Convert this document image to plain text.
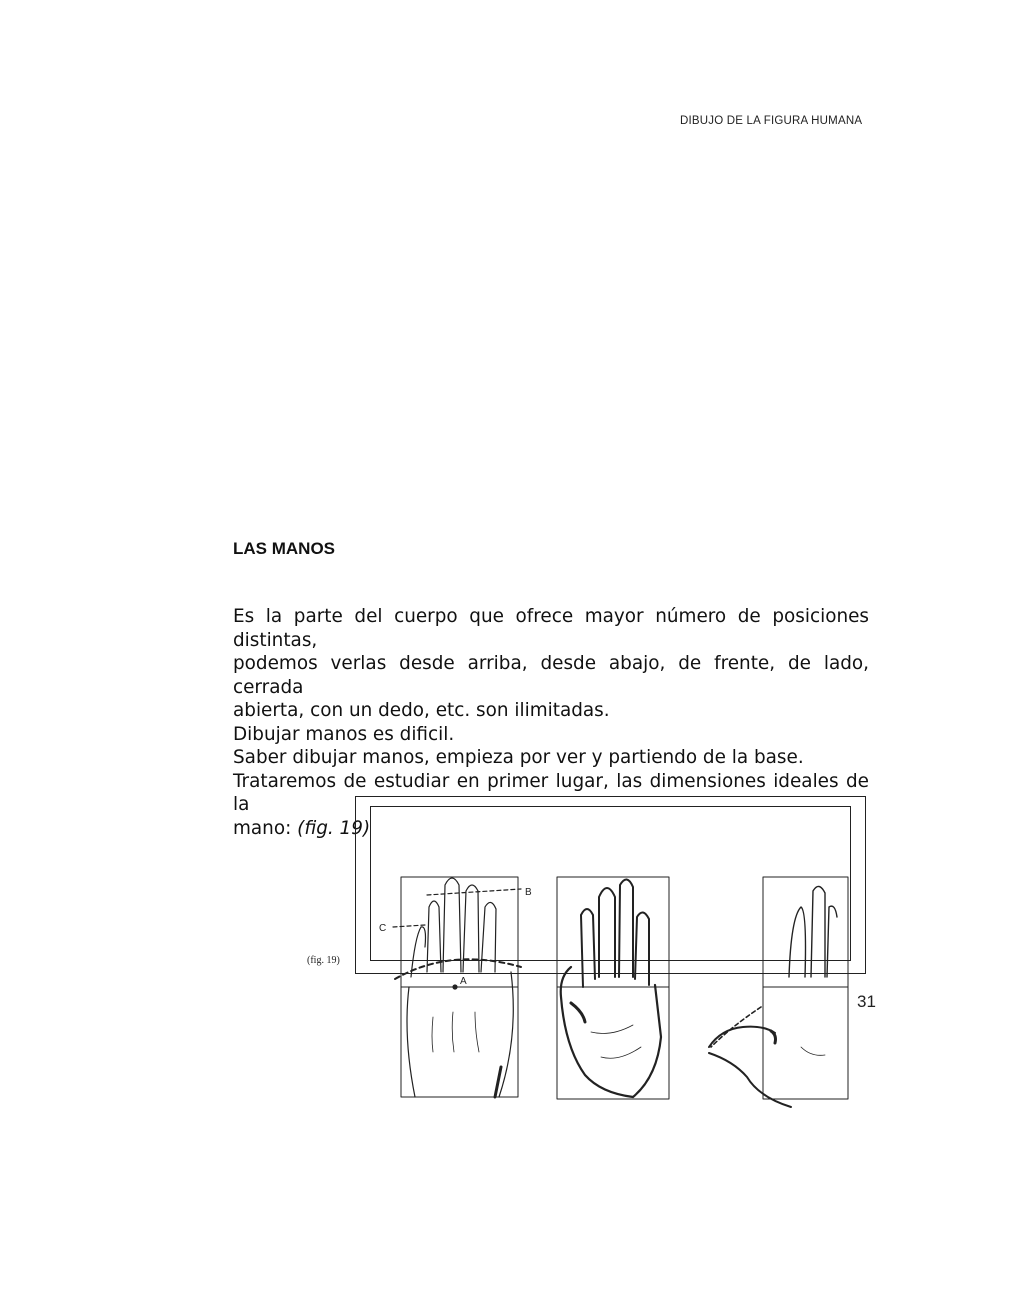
DIBUJO DE LA FIGURA HUMANA
LAS MANOS

Es la parte del cuerpo que ofrece mayor número de posiciones distintas,

podemos verlas desde arriba, desde abajo, de frente, de lado, cerrada

abierta, con un dedo, etc. son ilimitadas.

Dibujar manos es dificil.

Saber dibujar manos, empieza por ver y partiendo de la base.

Trataremos de estudiar en primer lugar, las dimensiones ideales de la

mano: (fig. 19)

A
B
C
(fig. 19)
31
